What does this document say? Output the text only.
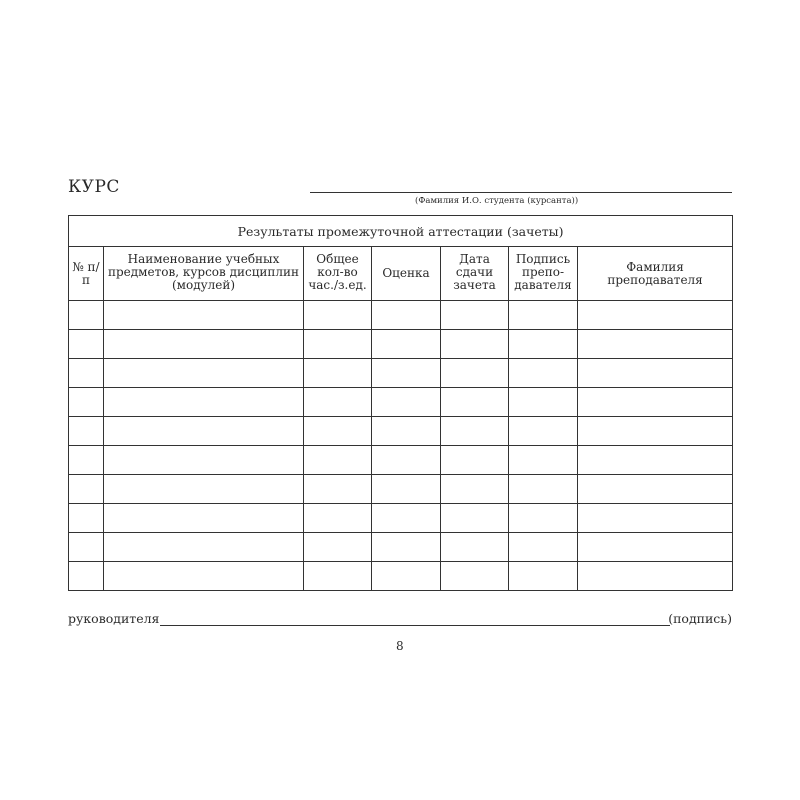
КУРС
(Фамилия И.О. студента (курсанта))
Результаты промежуточной аттестации (зачеты)						
№ п/п	Наименование учебных предметов, курсов дисциплин (модулей)	Общее кол-во час./з.ед.	Оценка	Дата сдачи зачета	Подпись препо-давателя	Фамилия преподавателя

руководителя	(подпись)
8
